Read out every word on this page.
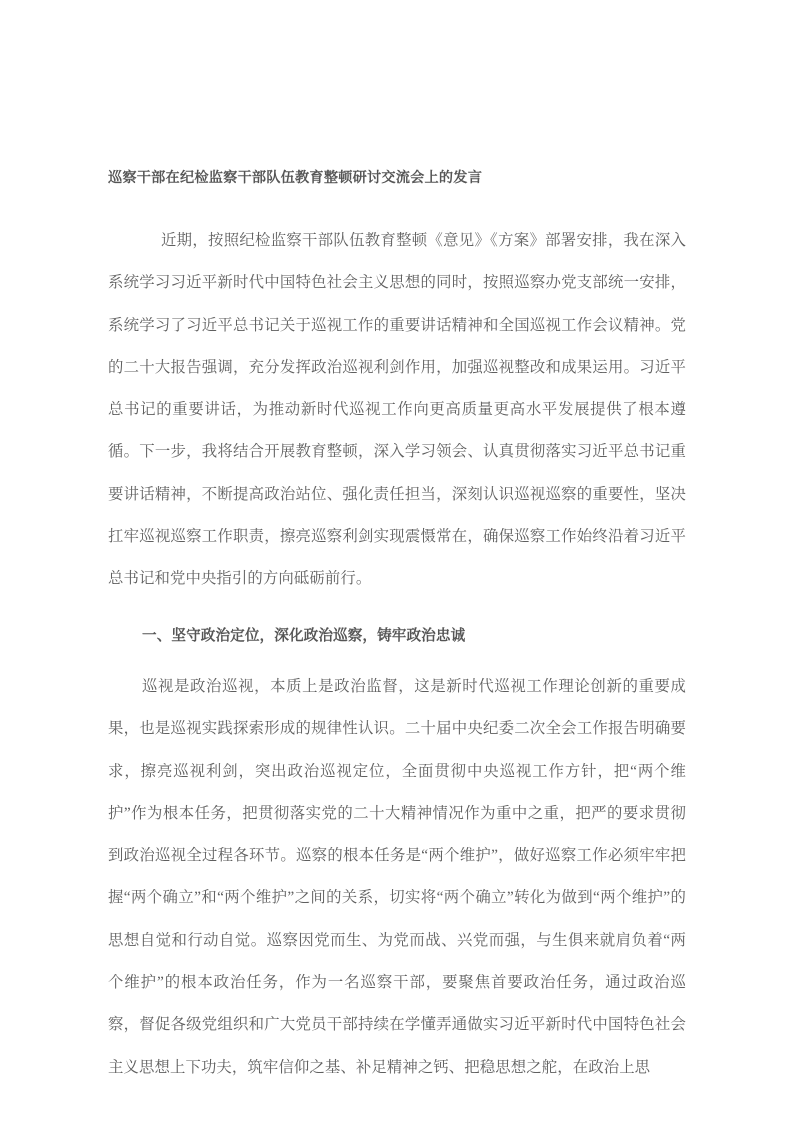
巡察干部在纪检监察干部队伍教育整顿研讨交流会上的发言

近期，按照纪检监察干部队伍教育整顿《意见》《方案》部署安排，我在深入系统学习习近平新时代中国特色社会主义思想的同时，按照巡察办党支部统一安排，系统学习了习近平总书记关于巡视工作的重要讲话精神和全国巡视工作会议精神。党的二十大报告强调，充分发挥政治巡视利剑作用，加强巡视整改和成果运用。习近平总书记的重要讲话，为推动新时代巡视工作向更高质量更高水平发展提供了根本遵循。下一步，我将结合开展教育整顿，深入学习领会、认真贯彻落实习近平总书记重要讲话精神，不断提高政治站位、强化责任担当，深刻认识巡视巡察的重要性，坚决扛牢巡视巡察工作职责，擦亮巡察利剑实现震慑常在，确保巡察工作始终沿着习近平总书记和党中央指引的方向砥砺前行。

一、坚守政治定位，深化政治巡察，铸牢政治忠诚

巡视是政治巡视，本质上是政治监督，这是新时代巡视工作理论创新的重要成果，也是巡视实践探索形成的规律性认识。二十届中央纪委二次全会工作报告明确要求，擦亮巡视利剑，突出政治巡视定位，全面贯彻中央巡视工作方针，把“两个维护”作为根本任务，把贯彻落实党的二十大精神情况作为重中之重，把严的要求贯彻到政治巡视全过程各环节。巡察的根本任务是“两个维护”，做好巡察工作必须牢牢把握“两个确立”和“两个维护”之间的关系，切实将“两个确立”转化为做到“两个维护”的思想自觉和行动自觉。巡察因党而生、为党而战、兴党而强，与生俱来就肩负着“两个维护”的根本政治任务，作为一名巡察干部，要聚焦首要政治任务，通过政治巡察，督促各级党组织和广大党员干部持续在学懂弄通做实习近平新时代中国特色社会主义思想上下功夫，筑牢信仰之基、补足精神之钙、把稳思想之舵，在政治上思
